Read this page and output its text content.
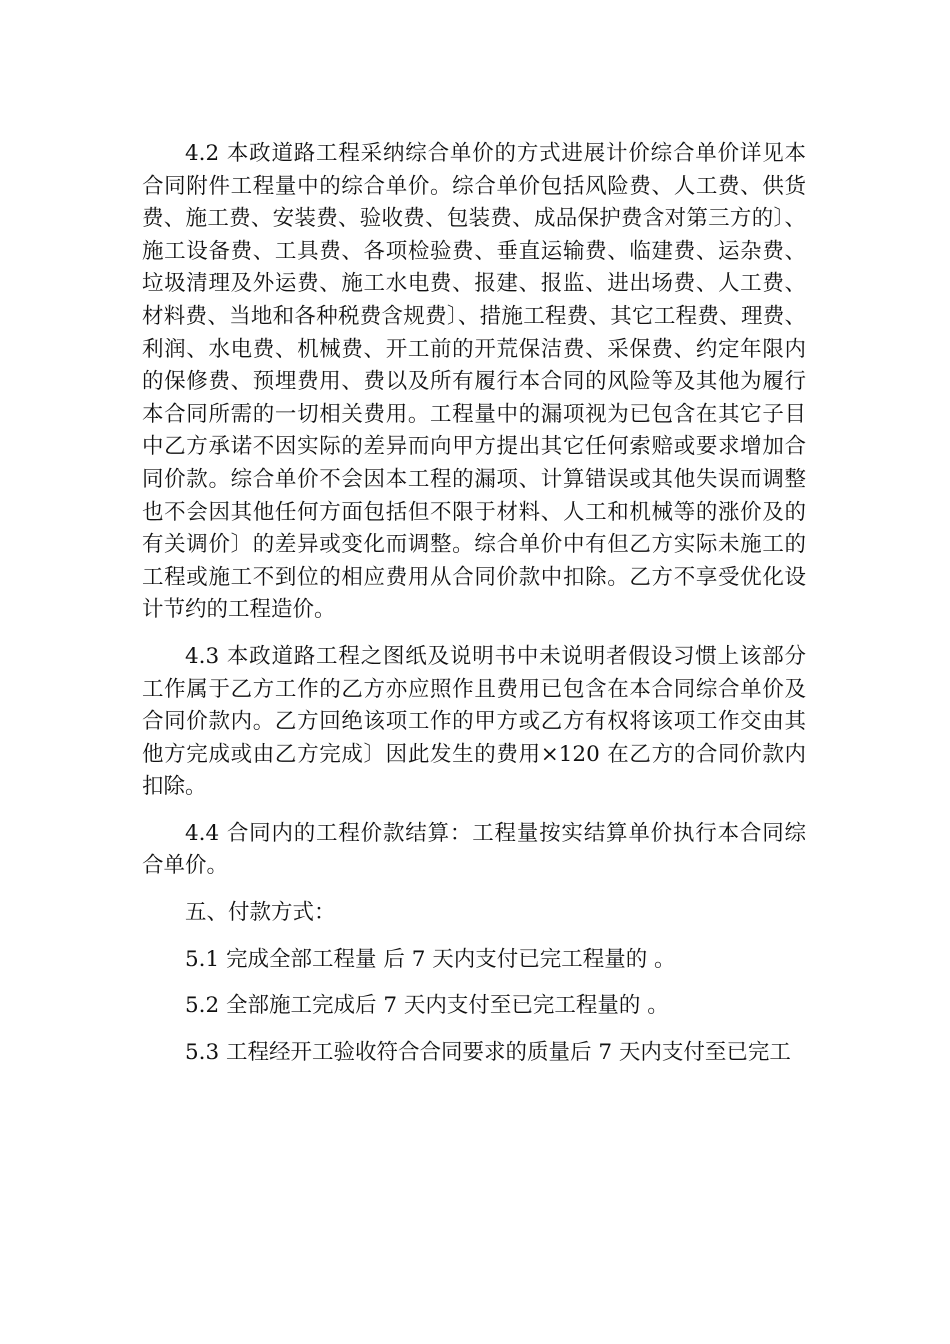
4.2 本政道路工程采纳综合单价的方式进展计价综合单价详见本合同附件工程量中的综合单价。综合单价包括风险费、人工费、供货费、施工费、安装费、验收费、包装费、成品保护费含对第三方的〕、施工设备费、工具费、各项检验费、垂直运输费、临建费、运杂费、垃圾清理及外运费、施工水电费、报建、报监、进出场费、人工费、材料费、当地和各种税费含规费〕、措施工程费、其它工程费、理费、利润、水电费、机械费、开工前的开荒保洁费、采保费、约定年限内的保修费、预埋费用、费以及所有履行本合同的风险等及其他为履行本合同所需的一切相关费用。工程量中的漏项视为已包含在其它子目中乙方承诺不因实际的差异而向甲方提出其它任何索赔或要求增加合同价款。综合单价不会因本工程的漏项、计算错误或其他失误而调整也不会因其他任何方面包括但不限于材料、人工和机械等的涨价及的有关调价〕的差异或变化而调整。综合单价中有但乙方实际未施工的工程或施工不到位的相应费用从合同价款中扣除。乙方不享受优化设计节约的工程造价。

4.3 本政道路工程之图纸及说明书中未说明者假设习惯上该部分工作属于乙方工作的乙方亦应照作且费用已包含在本合同综合单价及合同价款内。乙方回绝该项工作的甲方或乙方有权将该项工作交由其他方完成或由乙方完成〕因此发生的费用×120 在乙方的合同价款内扣除。

4.4 合同内的工程价款结算：工程量按实结算单价执行本合同综合单价。

五、付款方式：

5.1 完成全部工程量 后 7 天内支付已完工程量的 。

5.2 全部施工完成后 7 天内支付至已完工程量的 。

5.3 工程经开工验收符合合同要求的质量后 7 天内支付至已完工
